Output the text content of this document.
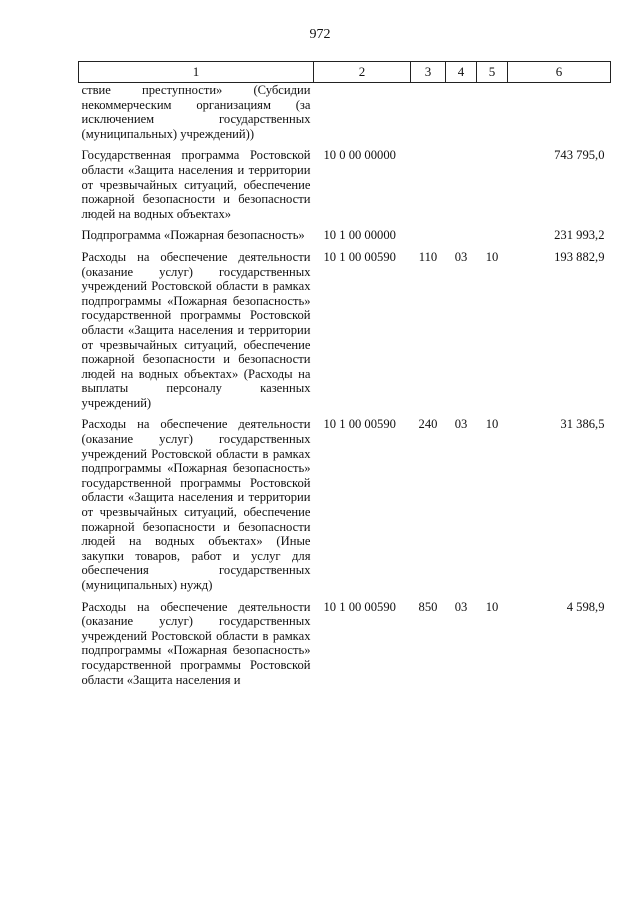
972
1	2	3	4	5	6
ствие преступности» (Субсидии некоммерческим организациям (за исключением государственных (муниципальных) учреждений))					
Государственная программа Ростовской области «Защита населения и территории от чрезвычайных ситуаций, обеспечение пожарной безопасности и безопасности людей на водных объектах»	10 0 00 00000				743 795,0
Подпрограмма «Пожарная безопасность»	10 1 00 00000				231 993,2
Расходы на обеспечение деятельности (оказание услуг) государственных учреждений Ростовской области в рамках подпрограммы «Пожарная безопасность» государственной программы Ростовской области «Защита населения и территории от чрезвычайных ситуаций, обеспечение пожарной безопасности и безопасности людей на водных объектах» (Расходы на выплаты персоналу казенных учреждений)	10 1 00 00590	110	03	10	193 882,9
Расходы на обеспечение деятельности (оказание услуг) государственных учреждений Ростовской области в рамках подпрограммы «Пожарная безопасность» государственной программы Ростовской области «Защита населения и территории от чрезвычайных ситуаций, обеспечение пожарной безопасности и безопасности людей на водных объектах» (Иные закупки товаров, работ и услуг для обеспечения государственных (муниципальных) нужд)	10 1 00 00590	240	03	10	31 386,5
Расходы на обеспечение деятельности (оказание услуг) государственных учреждений Ростовской области в рамках подпрограммы «Пожарная безопасность» государственной программы Ростовской области «Защита населения и	10 1 00 00590	850	03	10	4 598,9
